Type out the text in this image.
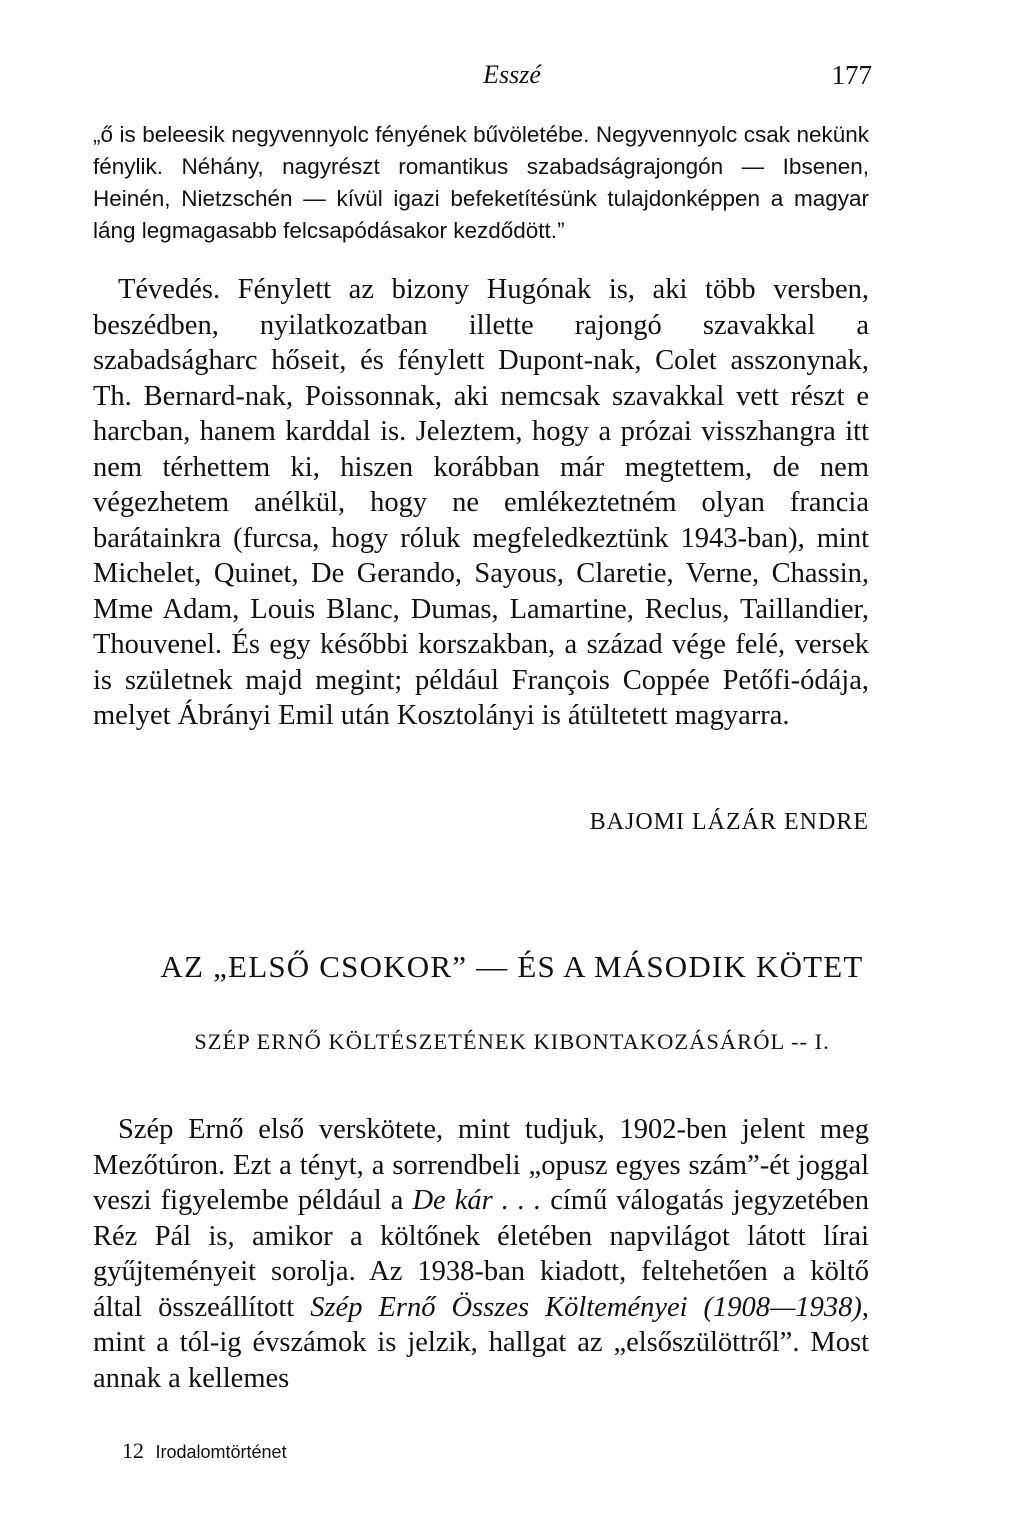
Esszé	177

„ő is beleesik negyvennyolc fényének bűvöletébe. Negyvennyolc csak nekünk fénylik. Néhány, nagyrészt romantikus szabadságrajongón — Ibsenen, Heinén, Nietzschén — kívül igazi befeketítésünk tulajdonképpen a magyar láng legmagasabb felcsapódásakor kezdődött.”

Tévedés. Fénylett az bizony Hugónak is, aki több versben, beszédben, nyilatkozatban illette rajongó szavakkal a szabadságharc hőseit, és fénylett Dupont-nak, Colet asszonynak, Th. Bernard-nak, Poissonnak, aki nemcsak szavakkal vett részt e harcban, hanem karddal is. Jeleztem, hogy a prózai visszhangra itt nem térhettem ki, hiszen korábban már megtettem, de nem végezhetem anélkül, hogy ne emlékeztetném olyan francia barátainkra (furcsa, hogy róluk megfeledkeztünk 1943-ban), mint Michelet, Quinet, De Gerando, Sayous, Claretie, Verne, Chassin, Mme Adam, Louis Blanc, Dumas, Lamartine, Reclus, Taillandier, Thouvenel. És egy későbbi korszakban, a század vége felé, versek is születnek majd megint; például François Coppée Petőfi-ódája, melyet Ábrányi Emil után Kosztolányi is átültetett magyarra.

BAJOMI LÁZÁR ENDRE
AZ „ELSŐ CSOKOR” — ÉS A MÁSODIK KÖTET
SZÉP ERNŐ KÖLTÉSZETÉNEK KIBONTAKOZÁSÁRÓL -- I.

Szép Ernő első verskötete, mint tudjuk, 1902-ben jelent meg Mezőtúron. Ezt a tényt, a sorrendbeli „opusz egyes szám”-ét joggal veszi figyelembe például a De kár . . . című válogatás jegyzetében Réz Pál is, amikor a költőnek életében napvilágot látott lírai gyűjteményeit sorolja. Az 1938-ban kiadott, feltehetően a költő által összeállított Szép Ernő Összes Költeményei (1908—1938), mint a tól-ig évszámok is jelzik, hallgat az „elsőszülöttről”. Most annak a kellemes

12 Irodalomtörténet
